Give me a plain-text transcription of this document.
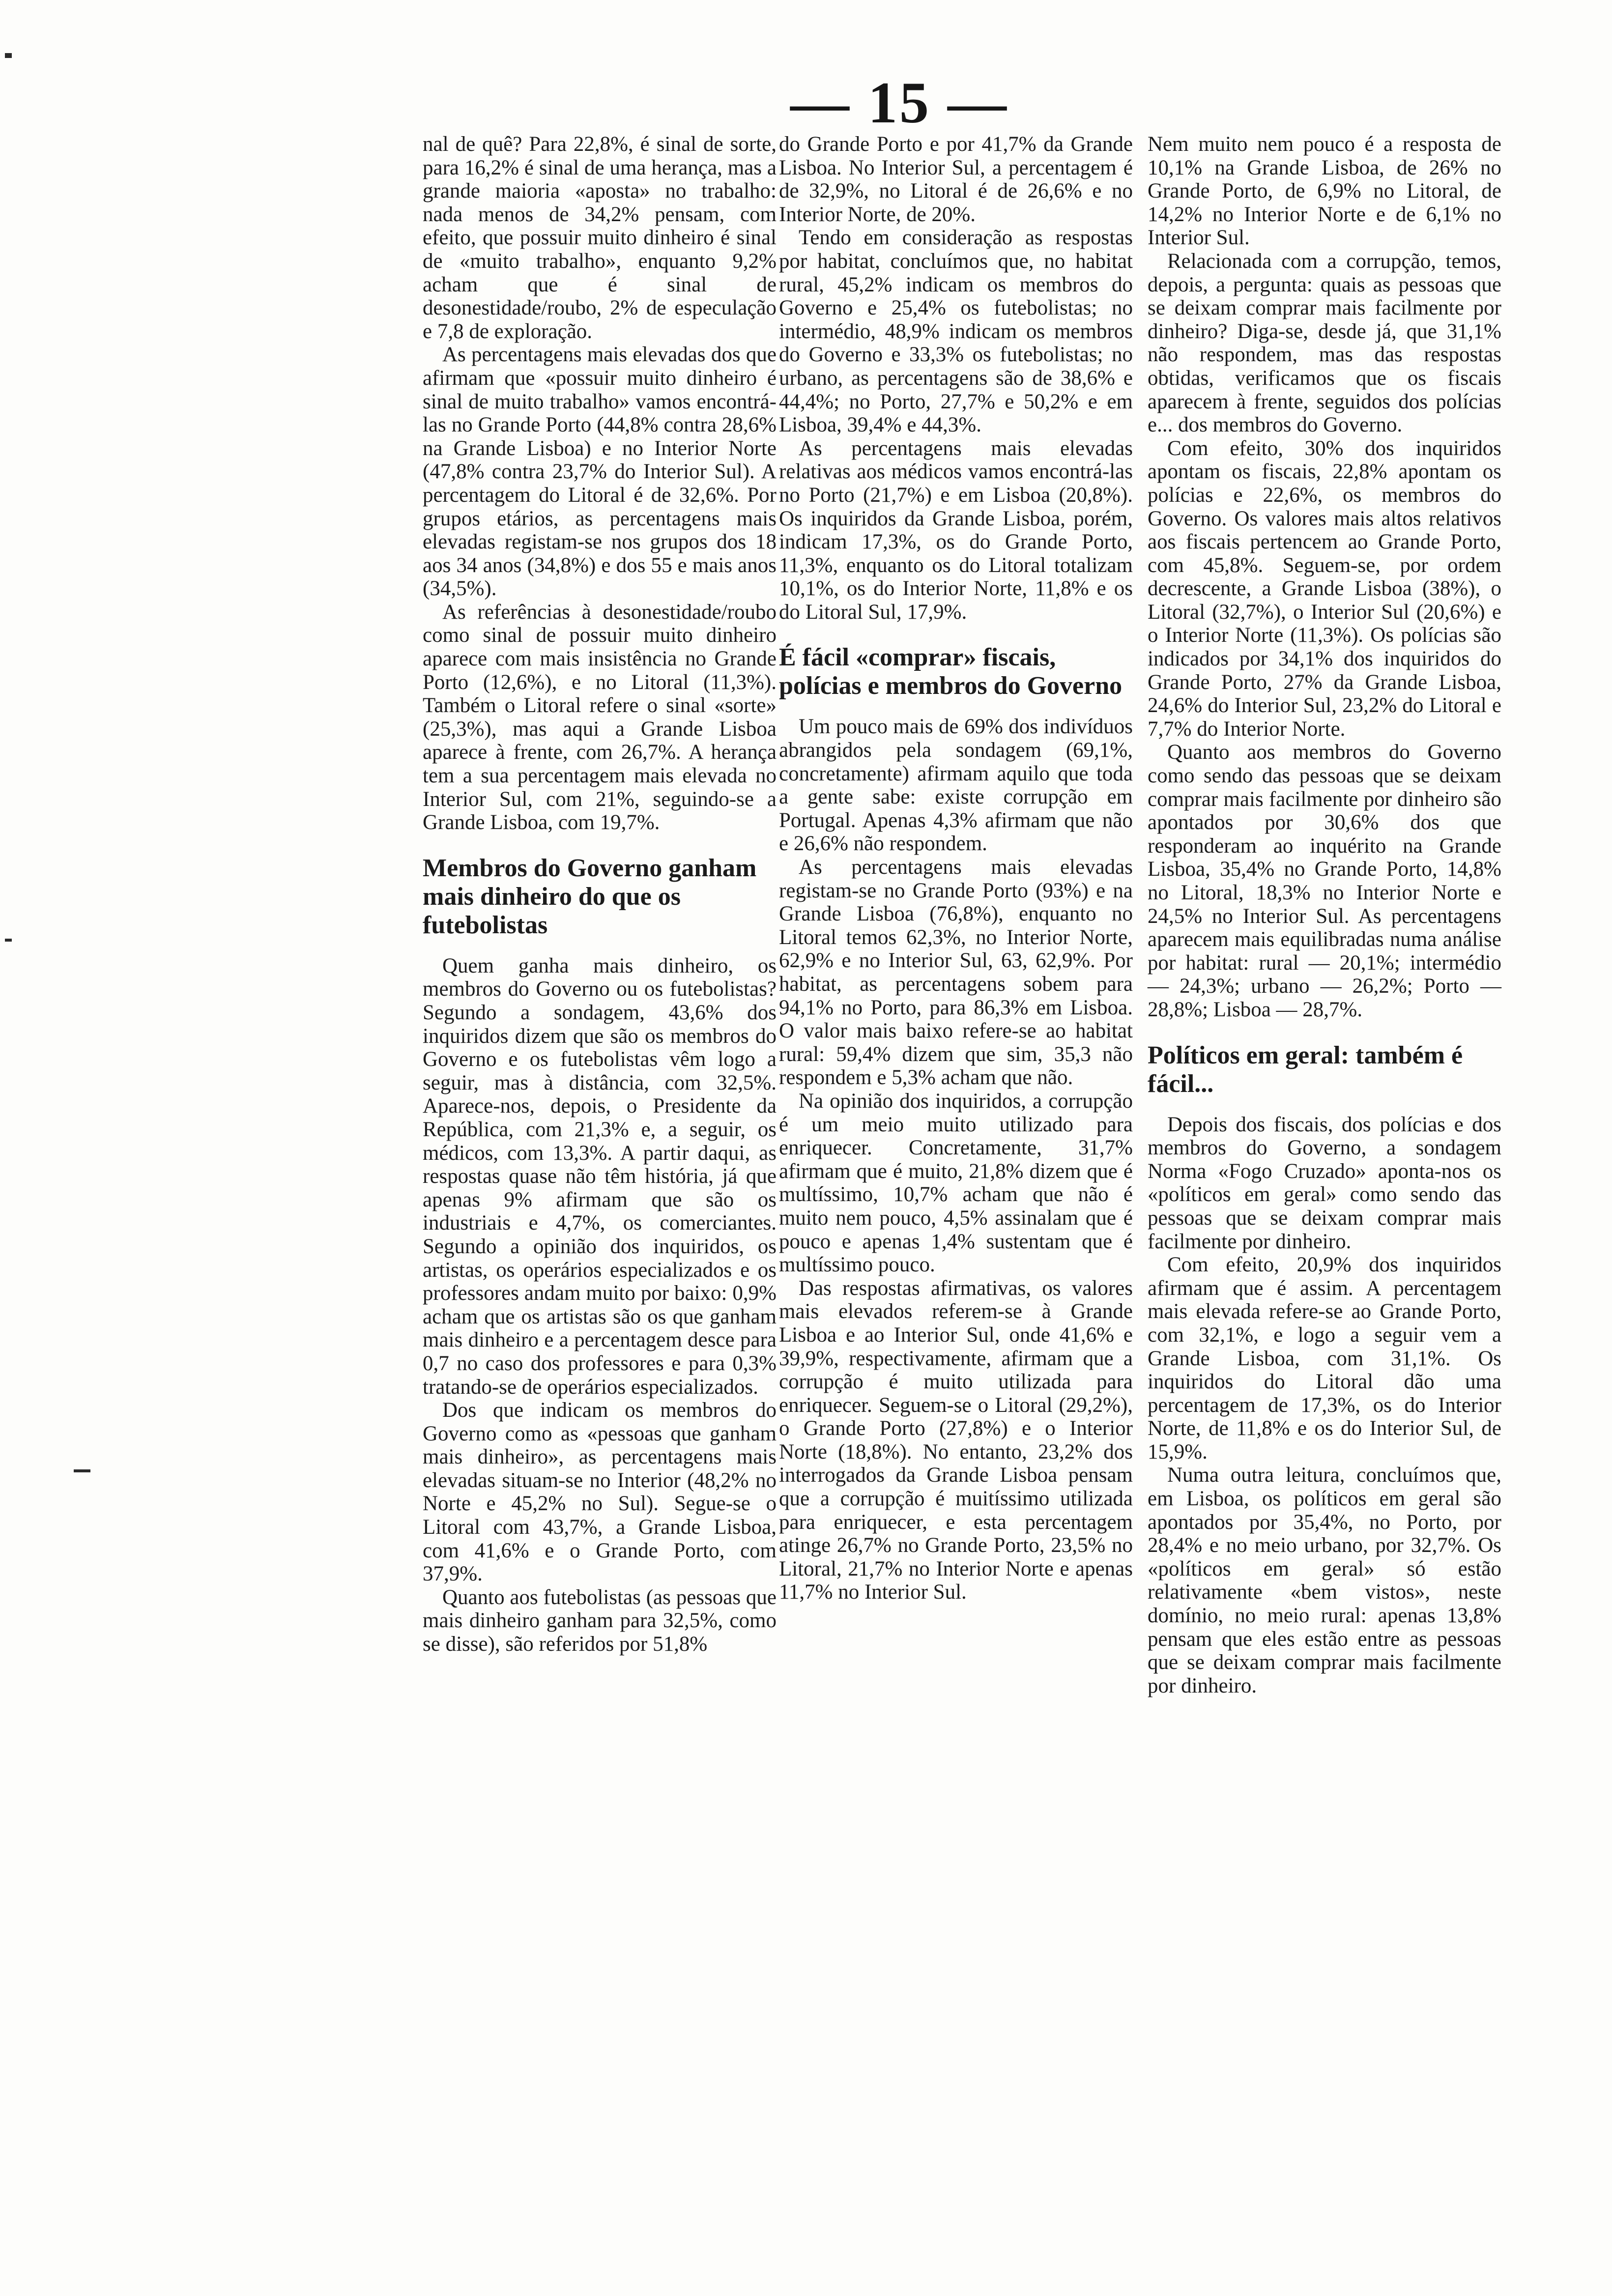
— 15 —

nal de quê? Para 22,8%, é sinal de sorte, para 16,2% é sinal de uma herança, mas a grande maioria «aposta» no trabalho: nada menos de 34,2% pensam, com efeito, que possuir muito dinheiro é sinal de «muito trabalho», enquanto 9,2% acham que é sinal de desonestidade/roubo, 2% de especulação e 7,8 de exploração.

As percentagens mais elevadas dos que afirmam que «possuir muito dinheiro é sinal de muito trabalho» vamos encontrá-las no Grande Porto (44,8% contra 28,6% na Grande Lisboa) e no Interior Norte (47,8% contra 23,7% do Interior Sul). A percentagem do Litoral é de 32,6%. Por grupos etários, as percentagens mais elevadas registam-se nos grupos dos 18 aos 34 anos (34,8%) e dos 55 e mais anos (34,5%).

As referências à desonestidade/roubo como sinal de possuir muito dinheiro aparece com mais insistência no Grande Porto (12,6%), e no Litoral (11,3%). Também o Litoral refere o sinal «sorte» (25,3%), mas aqui a Grande Lisboa aparece à frente, com 26,7%. A herança tem a sua percentagem mais elevada no Interior Sul, com 21%, seguindo-se a Grande Lisboa, com 19,7%.

Membros do Governo ganham mais dinheiro do que os futebolistas

Quem ganha mais dinheiro, os membros do Governo ou os futebolistas? Segundo a sondagem, 43,6% dos inquiridos dizem que são os membros do Governo e os futebolistas vêm logo a seguir, mas à distância, com 32,5%. Aparece-nos, depois, o Presidente da República, com 21,3% e, a seguir, os médicos, com 13,3%. A partir daqui, as respostas quase não têm história, já que apenas 9% afirmam que são os industriais e 4,7%, os comerciantes. Segundo a opinião dos inquiridos, os artistas, os operários especializados e os professores andam muito por baixo: 0,9% acham que os artistas são os que ganham mais dinheiro e a percentagem desce para 0,7 no caso dos professores e para 0,3% tratando-se de operários especializados.

Dos que indicam os membros do Governo como as «pessoas que ganham mais dinheiro», as percentagens mais elevadas situam-se no Interior (48,2% no Norte e 45,2% no Sul). Segue-se o Litoral com 43,7%, a Grande Lisboa, com 41,6% e o Grande Porto, com 37,9%.

Quanto aos futebolistas (as pessoas que mais dinheiro ganham para 32,5%, como se disse), são referidos por 51,8%

do Grande Porto e por 41,7% da Grande Lisboa. No Interior Sul, a percentagem é de 32,9%, no Litoral é de 26,6% e no Interior Norte, de 20%.

Tendo em consideração as respostas por habitat, concluímos que, no habitat rural, 45,2% indicam os membros do Governo e 25,4% os futebolistas; no intermédio, 48,9% indicam os membros do Governo e 33,3% os futebolistas; no urbano, as percentagens são de 38,6% e 44,4%; no Porto, 27,7% e 50,2% e em Lisboa, 39,4% e 44,3%.

As percentagens mais elevadas relativas aos médicos vamos encontrá-las no Porto (21,7%) e em Lisboa (20,8%). Os inquiridos da Grande Lisboa, porém, indicam 17,3%, os do Grande Porto, 11,3%, enquanto os do Litoral totalizam 10,1%, os do Interior Norte, 11,8% e os do Litoral Sul, 17,9%.

É fácil «comprar» fiscais, polícias e membros do Governo

Um pouco mais de 69% dos indivíduos abrangidos pela sondagem (69,1%, concretamente) afirmam aquilo que toda a gente sabe: existe corrupção em Portugal. Apenas 4,3% afirmam que não e 26,6% não respondem.

As percentagens mais elevadas registam-se no Grande Porto (93%) e na Grande Lisboa (76,8%), enquanto no Litoral temos 62,3%, no Interior Norte, 62,9% e no Interior Sul, 63, 62,9%. Por habitat, as percentagens sobem para 94,1% no Porto, para 86,3% em Lisboa. O valor mais baixo refere-se ao habitat rural: 59,4% dizem que sim, 35,3 não respondem e 5,3% acham que não.

Na opinião dos inquiridos, a corrupção é um meio muito utilizado para enriquecer. Concretamente, 31,7% afirmam que é muito, 21,8% dizem que é multíssimo, 10,7% acham que não é muito nem pouco, 4,5% assinalam que é pouco e apenas 1,4% sustentam que é multíssimo pouco.

Das respostas afirmativas, os valores mais elevados referem-se à Grande Lisboa e ao Interior Sul, onde 41,6% e 39,9%, respectivamente, afirmam que a corrupção é muito utilizada para enriquecer. Seguem-se o Litoral (29,2%), o Grande Porto (27,8%) e o Interior Norte (18,8%). No entanto, 23,2% dos interrogados da Grande Lisboa pensam que a corrupção é muitíssimo utilizada para enriquecer, e esta percentagem atinge 26,7% no Grande Porto, 23,5% no Litoral, 21,7% no Interior Norte e apenas 11,7% no Interior Sul.

Nem muito nem pouco é a resposta de 10,1% na Grande Lisboa, de 26% no Grande Porto, de 6,9% no Litoral, de 14,2% no Interior Norte e de 6,1% no Interior Sul.

Relacionada com a corrupção, temos, depois, a pergunta: quais as pessoas que se deixam comprar mais facilmente por dinheiro? Diga-se, desde já, que 31,1% não respondem, mas das respostas obtidas, verificamos que os fiscais aparecem à frente, seguidos dos polícias e... dos membros do Governo.

Com efeito, 30% dos inquiridos apontam os fiscais, 22,8% apontam os polícias e 22,6%, os membros do Governo. Os valores mais altos relativos aos fiscais pertencem ao Grande Porto, com 45,8%. Seguem-se, por ordem decrescente, a Grande Lisboa (38%), o Litoral (32,7%), o Interior Sul (20,6%) e o Interior Norte (11,3%). Os polícias são indicados por 34,1% dos inquiridos do Grande Porto, 27% da Grande Lisboa, 24,6% do Interior Sul, 23,2% do Litoral e 7,7% do Interior Norte.

Quanto aos membros do Governo como sendo das pessoas que se deixam comprar mais facilmente por dinheiro são apontados por 30,6% dos que responderam ao inquérito na Grande Lisboa, 35,4% no Grande Porto, 14,8% no Litoral, 18,3% no Interior Norte e 24,5% no Interior Sul. As percentagens aparecem mais equilibradas numa análise por habitat: rural — 20,1%; intermédio — 24,3%; urbano — 26,2%; Porto — 28,8%; Lisboa — 28,7%.

Políticos em geral: também é fácil...

Depois dos fiscais, dos polícias e dos membros do Governo, a sondagem Norma «Fogo Cruzado» aponta-nos os «políticos em geral» como sendo das pessoas que se deixam comprar mais facilmente por dinheiro.

Com efeito, 20,9% dos inquiridos afirmam que é assim. A percentagem mais elevada refere-se ao Grande Porto, com 32,1%, e logo a seguir vem a Grande Lisboa, com 31,1%. Os inquiridos do Litoral dão uma percentagem de 17,3%, os do Interior Norte, de 11,8% e os do Interior Sul, de 15,9%.

Numa outra leitura, concluímos que, em Lisboa, os políticos em geral são apontados por 35,4%, no Porto, por 28,4% e no meio urbano, por 32,7%. Os «políticos em geral» só estão relativamente «bem vistos», neste domínio, no meio rural: apenas 13,8% pensam que eles estão entre as pessoas que se deixam comprar mais facilmente por dinheiro.
